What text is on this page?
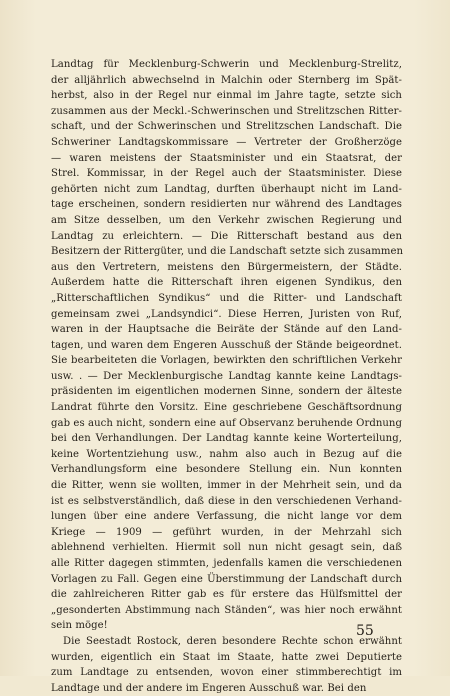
Landtag für Mecklenburg-Schwerin und Mecklenburg-Strelitz,
der alljährlich abwechselnd in Malchin oder Sternberg im Spät-
herbst, also in der Regel nur einmal im Jahre tagte, setzte sich
zusammen aus der Meckl.-Schwerinschen und Strelitzschen Ritter-
schaft, und der Schwerinschen und Strelitzschen Landschaft. Die
Schweriner Landtagskommissare — Vertreter der Großherzöge
— waren meistens der Staatsminister und ein Staatsrat, der
Strel. Kommissar, in der Regel auch der Staatsminister. Diese
gehörten nicht zum Landtag, durften überhaupt nicht im Land-
tage erscheinen, sondern residierten nur während des Landtages
am Sitze desselben, um den Verkehr zwischen Regierung und
Landtag zu erleichtern. — Die Ritterschaft bestand aus den
Besitzern der Rittergüter, und die Landschaft setzte sich zusammen
aus den Vertretern, meistens den Bürgermeistern, der Städte.
Außerdem hatte die Ritterschaft ihren eigenen Syndikus, den
„Ritterschaftlichen Syndikus“ und die Ritter- und Landschaft
gemeinsam zwei „Landsyndici“. Diese Herren, Juristen von Ruf,
waren in der Hauptsache die Beiräte der Stände auf den Land-
tagen, und waren dem Engeren Ausschuß der Stände beigeordnet.
Sie bearbeiteten die Vorlagen, bewirkten den schriftlichen Verkehr
usw. . — Der Mecklenburgische Landtag kannte keine Landtags-
präsidenten im eigentlichen modernen Sinne, sondern der älteste
Landrat führte den Vorsitz. Eine geschriebene Geschäftsordnung
gab es auch nicht, sondern eine auf Observanz beruhende Ordnung
bei den Verhandlungen. Der Landtag kannte keine Worterteilung,
keine Wortentziehung usw., nahm also auch in Bezug auf die
Verhandlungsform eine besondere Stellung ein. Nun konnten
die Ritter, wenn sie wollten, immer in der Mehrheit sein, und da
ist es selbstverständlich, daß diese in den verschiedenen Verhand-
lungen über eine andere Verfassung, die nicht lange vor dem
Kriege — 1909 — geführt wurden, in der Mehrzahl sich
ablehnend verhielten. Hiermit soll nun nicht gesagt sein, daß
alle Ritter dagegen stimmten, jedenfalls kamen die verschiedenen
Vorlagen zu Fall. Gegen eine Überstimmung der Landschaft durch
die zahlreicheren Ritter gab es für erstere das Hülfsmittel der
„gesonderten Abstimmung nach Ständen“, was hier noch erwähnt
sein möge!
Die Seestadt Rostock, deren besondere Rechte schon erwähnt
wurden, eigentlich ein Staat im Staate, hatte zwei Deputierte
zum Landtage zu entsenden, wovon einer stimmberechtigt im
Landtage und der andere im Engeren Ausschuß war. Bei den
55
